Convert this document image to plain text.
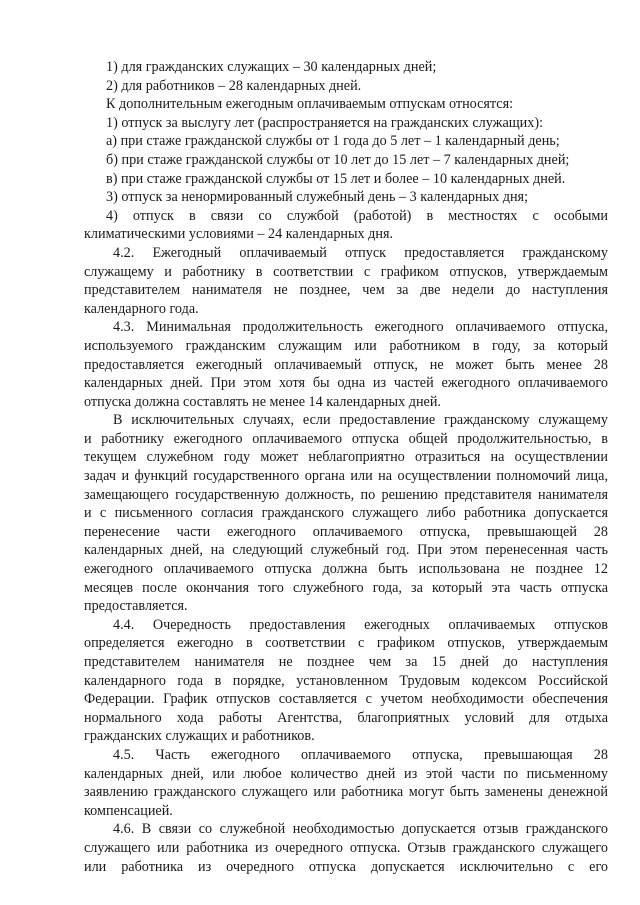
1) для гражданских служащих – 30 календарных дней;
2) для работников – 28 календарных дней.
К дополнительным ежегодным оплачиваемым отпускам относятся:
1) отпуск за выслугу лет (распространяется на гражданских служащих):
а) при стаже гражданской службы от 1 года до 5 лет – 1 календарный день;
б) при стаже гражданской службы от 10 лет до 15 лет – 7 календарных дней;
в) при стаже гражданской службы от 15 лет и более – 10 календарных дней.
3) отпуск за ненормированный служебный день – 3 календарных дня;
4) отпуск в связи со службой (работой) в местностях с особыми
климатическими условиями – 24 календарных дня.
4.2. Ежегодный оплачиваемый отпуск предоставляется гражданскому
служащему и работнику в соответствии с графиком отпусков, утверждаемым
представителем нанимателя не позднее, чем за две недели до наступления
календарного года.
4.3. Минимальная продолжительность ежегодного оплачиваемого отпуска,
используемого гражданским служащим или работником в году, за который
предоставляется ежегодный оплачиваемый отпуск, не может быть менее 28
календарных дней. При этом хотя бы одна из частей ежегодного оплачиваемого
отпуска должна составлять не менее 14 календарных дней.
В исключительных случаях, если предоставление гражданскому служащему
и работнику ежегодного оплачиваемого отпуска общей продолжительностью, в
текущем служебном году может неблагоприятно отразиться на осуществлении
задач и функций государственного органа или на осуществлении полномочий лица,
замещающего государственную должность, по решению представителя нанимателя
и с письменного согласия гражданского служащего либо работника допускается
перенесение части ежегодного оплачиваемого отпуска, превышающей 28
календарных дней, на следующий служебный год. При этом перенесенная часть
ежегодного оплачиваемого отпуска должна быть использована не позднее 12
месяцев после окончания того служебного года, за который эта часть отпуска
предоставляется.
4.4. Очередность предоставления ежегодных оплачиваемых отпусков
определяется ежегодно в соответствии с графиком отпусков, утверждаемым
представителем нанимателя не позднее чем за 15 дней до наступления
календарного года в порядке, установленном Трудовым кодексом Российской
Федерации. График отпусков составляется с учетом необходимости обеспечения
нормального хода работы Агентства, благоприятных условий для отдыха
гражданских служащих и работников.
4.5. Часть ежегодного оплачиваемого отпуска, превышающая 28
календарных дней, или любое количество дней из этой части по письменному
заявлению гражданского служащего или работника могут быть заменены денежной
компенсацией.
4.6. В связи со служебной необходимостью допускается отзыв гражданского
служащего или работника из очередного отпуска. Отзыв гражданского служащего
или работника из очередного отпуска допускается исключительно с его
